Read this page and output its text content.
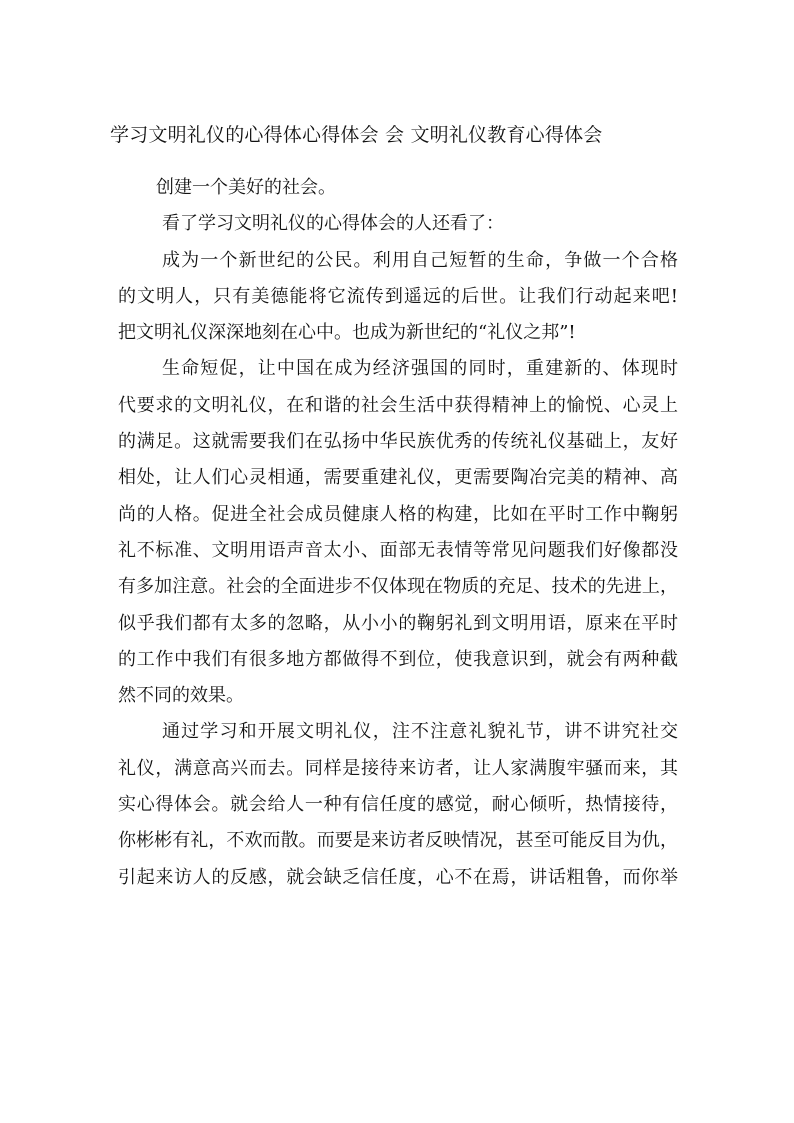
学习文明礼仪的心得体心得体会 会 文明礼仪教育心得体会
创建一个美好的社会。
看了学习文明礼仪的心得体会的人还看了：
成为一个新世纪的公民。利用自己短暂的生命，争做一个合格
的文明人，只有美德能将它流传到遥远的后世。让我们行动起来吧!
把文明礼仪深深地刻在心中。也成为新世纪的“礼仪之邦”!
生命短促，让中国在成为经济强国的同时，重建新的、体现时
代要求的文明礼仪，在和谐的社会生活中获得精神上的愉悦、心灵上
的满足。这就需要我们在弘扬中华民族优秀的传统礼仪基础上，友好
相处，让人们心灵相通，需要重建礼仪，更需要陶冶完美的精神、高
尚的人格。促进全社会成员健康人格的构建，比如在平时工作中鞠躬
礼不标准、文明用语声音太小、面部无表情等常见问题我们好像都没
有多加注意。社会的全面进步不仅体现在物质的充足、技术的先进上，
似乎我们都有太多的忽略，从小小的鞠躬礼到文明用语，原来在平时
的工作中我们有很多地方都做得不到位，使我意识到，就会有两种截
然不同的效果。
通过学习和开展文明礼仪，注不注意礼貌礼节，讲不讲究社交
礼仪，满意高兴而去。同样是接待来访者，让人家满腹牢骚而来，其
实心得体会。就会给人一种有信任度的感觉，耐心倾听，热情接待，
你彬彬有礼，不欢而散。而要是来访者反映情况，甚至可能反目为仇，
引起来访人的反感，就会缺乏信任度，心不在焉，讲话粗鲁，而你举
